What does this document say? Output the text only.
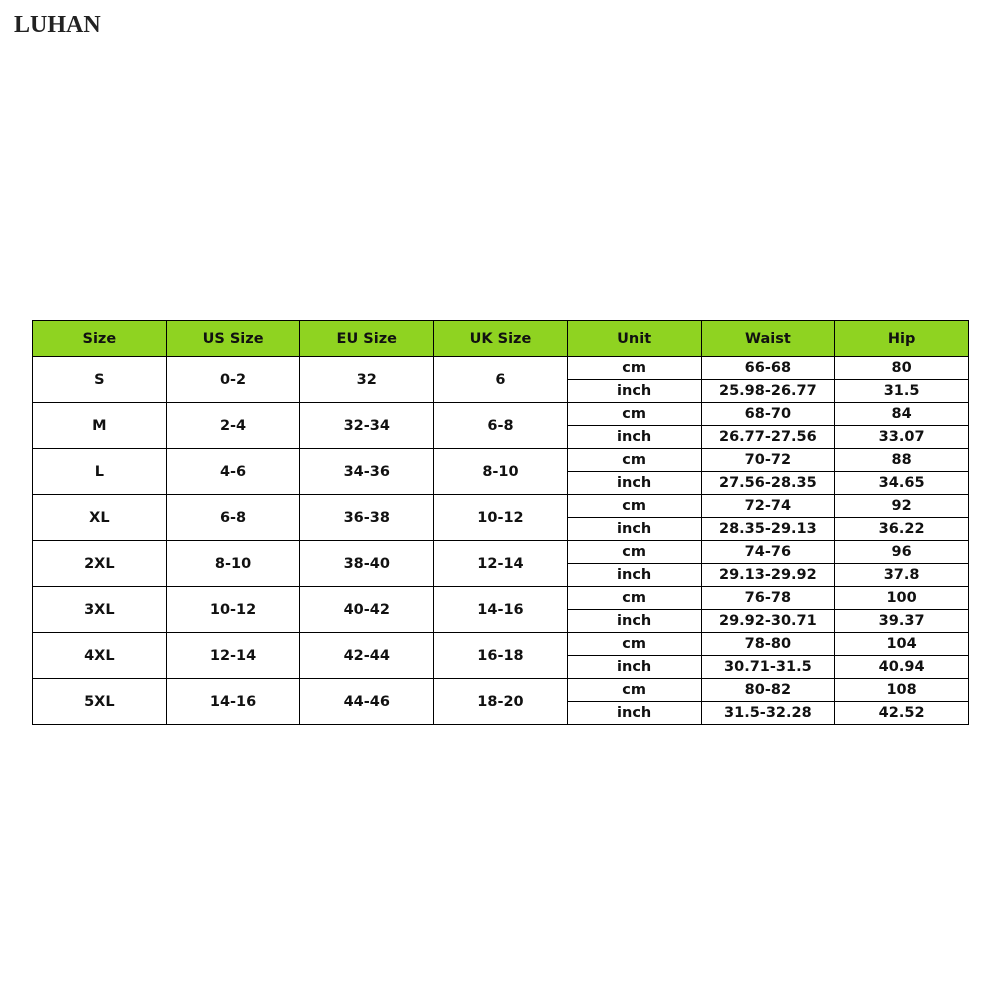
LUHAN
Size	US Size	EU Size	UK Size	Unit	Waist	Hip
S	0-2	32	6	cm	66-68	80
				inch	25.98-26.77	31.5
M	2-4	32-34	6-8	cm	68-70	84
				inch	26.77-27.56	33.07
L	4-6	34-36	8-10	cm	70-72	88
				inch	27.56-28.35	34.65
XL	6-8	36-38	10-12	cm	72-74	92
				inch	28.35-29.13	36.22
2XL	8-10	38-40	12-14	cm	74-76	96
				inch	29.13-29.92	37.8
3XL	10-12	40-42	14-16	cm	76-78	100
				inch	29.92-30.71	39.37
4XL	12-14	42-44	16-18	cm	78-80	104
				inch	30.71-31.5	40.94
5XL	14-16	44-46	18-20	cm	80-82	108
				inch	31.5-32.28	42.52
